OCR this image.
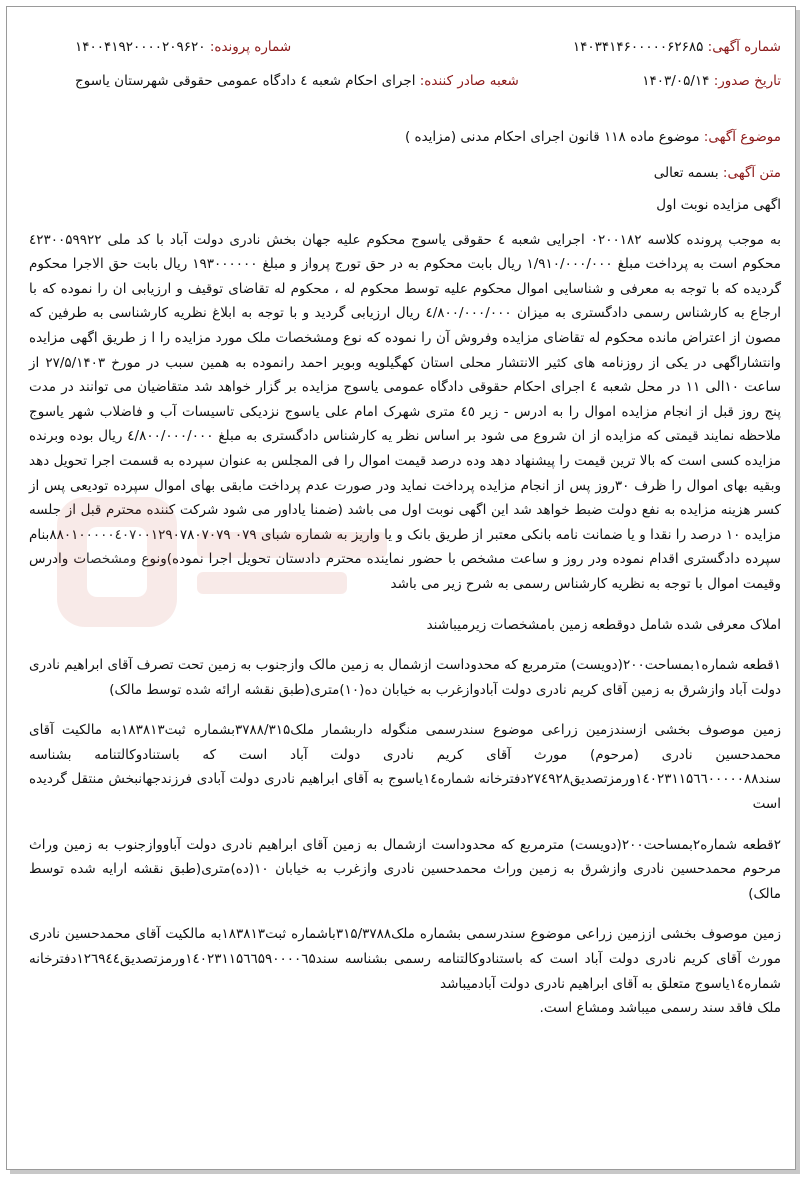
شماره آگهی: ۱۴۰۳۴۱۴۶۰۰۰۰۰۶۲۶۸۵
شماره پرونده: ۱۴۰۰۴۱۹۲۰۰۰۰۲۰۹۶۲۰
تاریخ صدور: ۱۴۰۳/۰۵/۱۴
شعبه صادر کننده: اجرای احکام شعبه ٤ دادگاه عمومی حقوقی شهرستان یاسوج
موضوع آگهی: موضوع ماده ۱۱۸ قانون اجرای احکام مدنی (مزایده )
متن آگهی: بسمه تعالی

اگهی مزایده نوبت اول

به موجب پرونده کلاسه ۰۲۰۰۱۸۲ اجرایی شعبه ٤ حقوقی یاسوج محکوم علیه جهان بخش نادری دولت آباد با کد ملی ٤۲۳۰۰۵۹۹۲۲ محکوم است به پرداخت مبلغ ۱/۹۱۰/۰۰۰/۰۰۰ ریال بابت محکوم به در حق تورج پرواز و مبلغ ۱۹۳۰۰۰۰۰۰ ریال بابت حق الاجرا محکوم گردیده که با توجه به معرفی و شناسایی اموال محکوم علیه توسط محکوم له ، محکوم له تقاضای توقیف و ارزیابی ان را نموده که با ارجاع به کارشناس رسمی دادگستری به میزان ٤/۸۰۰/۰۰۰/۰۰۰ ریال ارزیابی گردید و با توجه به ابلاغ نظریه کارشناسی به طرفین که مصون از اعتراض مانده محکوم له تقاضای مزایده وفروش آن را نموده که نوع ومشخصات ملک مورد مزایده را ا ز طریق اگهی مزایده وانتشاراگهی در یکی از روزنامه های کثیر الانتشار محلی استان کهگیلویه وبویر احمد رانموده به همین سبب در مورخ ۲۷/۵/۱۴۰۳ از ساعت ۱۰الی ۱۱ در محل شعبه ٤ اجرای احکام حقوقی دادگاه عمومی یاسوج مزایده بر گزار خواهد شد متقاضیان می توانند در مدت پنج روز قبل از انجام مزایده اموال را به ادرس - زیر ٤٥ متری شهرک امام علی یاسوج نزدیکی تاسیسات آب و فاضلاب شهر یاسوج ملاحظه نمایند قیمتی که مزایده از ان شروع می شود بر اساس نظر یه کارشناس دادگستری به مبلغ ٤/۸۰۰/۰۰۰/۰۰۰ ریال بوده وبرنده مزایده کسی است که بالا ترین قیمت را پیشنهاد دهد وده درصد قیمت اموال را فی المجلس به عنوان سپرده به قسمت اجرا تحویل دهد وبقیه بهای اموال را ظرف ۳۰روز پس از انجام مزایده پرداخت نماید ودر صورت عدم پرداخت مابقی بهای اموال سپرده تودیعی پس از کسر هزینه مزایده به نفع دولت ضبط خواهد شد این اگهی نوبت اول می باشد (ضمنا یاداور می شود شرکت کننده محترم قبل از جلسه مزایده ۱۰ درصد را نقدا و یا ضمانت نامه بانکی معتبر از طریق بانک و یا واریز به شماره شبای ۰۷۹ ۸۸۰۱۰۰۰۰۰٤۰۷۰۰۱۲۹۰۷۸۰۷۰۷۹بنام سپرده دادگستری اقدام نموده ودر روز و ساعت مشخص با حضور نماینده محترم دادستان تحویل اجرا نموده)ونوع ومشخصات وادرس وقیمت اموال با توجه به نظریه کارشناس رسمی به شرح زیر می باشد

املاک معرفی شده شامل دوقطعه زمین بامشخصات زیرمیباشند

۱قطعه شماره۱بمساحت۲۰۰(دویست) مترمربع که محدوداست ازشمال به زمین مالک وازجنوب به زمین تحت تصرف آقای ابراهیم نادری دولت آباد وازشرق به زمین آقای کریم نادری دولت آبادوازغرب به خیابان ده(۱۰)متری(طبق نقشه ارائه شده توسط مالک)

زمین موصوف بخشی ازسندزمین زراعی موضوع سندرسمی منگوله داربشمار ملک۳۷۸۸/۳۱۵بشماره ثبت۱۸۳۸۱۳به مالکیت آقای محمدحسین نادری (مرحوم) مورث آقای کریم نادری دولت آباد است که باستنادوکالتنامه بشناسه سند۱٤۰۲۳۱۱۵٦٦۰۰۰۰۰۸۸ورمزتصدیق۲۷٤۹۲۸دفترخانه شماره۱٤یاسوج به آقای ابراهیم نادری دولت آبادی فرزندجهانبخش منتقل گردیده است

۲قطعه شماره۲بمساحت۲۰۰(دویست) مترمربع که محدوداست ازشمال به زمین آقای ابراهیم نادری دولت آباووازجنوب به زمین وراث مرحوم محمدحسین نادری وازشرق به زمین وراث محمدحسین نادری وازغرب به خیابان ۱۰(ده)متری(طبق نقشه ارایه شده توسط مالک)

زمین موصوف بخشی اززمین زراعی موضوع سندرسمی بشماره ملک۳۱۵/۳۷۸۸باشماره ثبت۱۸۳۸۱۳به مالکیت آقای محمدحسین نادری مورث آقای کریم نادری دولت آباد است که باستنادوکالتنامه رسمی بشناسه سند۱٤۰۲۳۱۱۵٦٦۵۹۰۰۰۰٦۵ورمزتصدیق۱۲٦۹٤٤دفترخانه شماره۱٤یاسوج متعلق به آقای ابراهیم نادری دولت آبادمیباشد

ملک فاقد سند رسمی میباشد ومشاع است.
